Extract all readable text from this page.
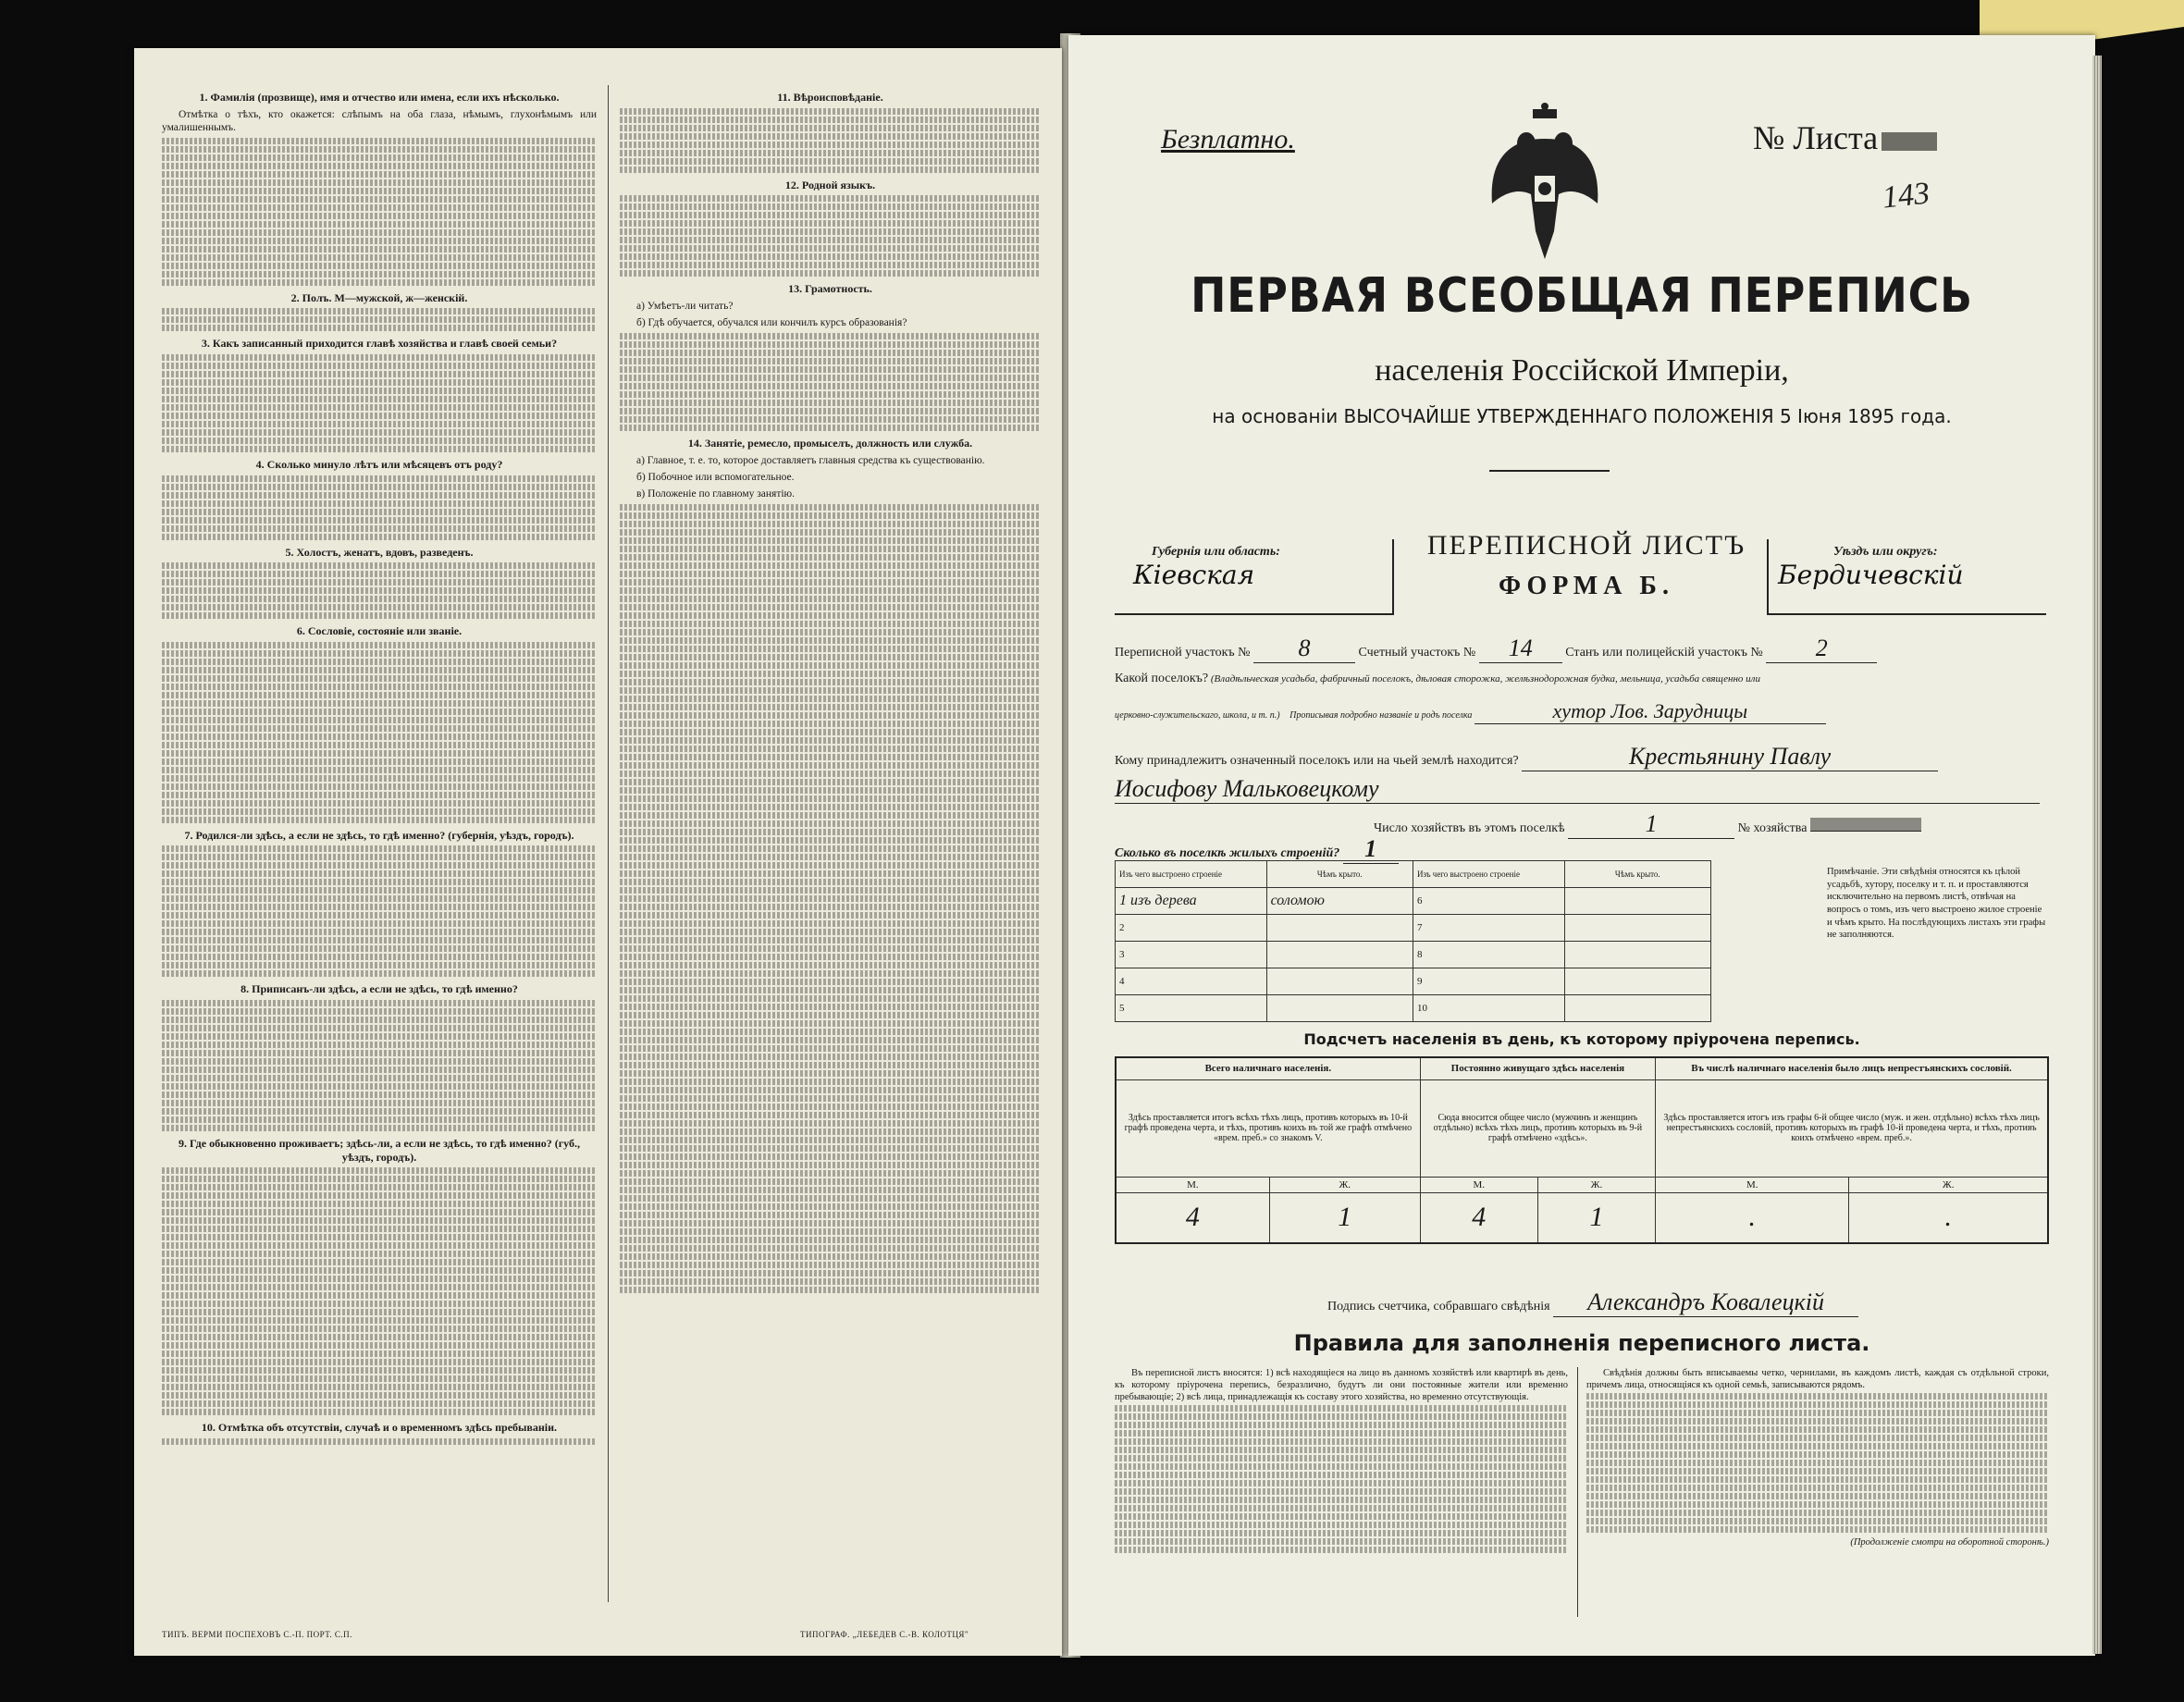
1. Фамилія (прозвище), имя и отчество или имена, если ихъ нѣсколько.
Отмѣтка о тѣхъ, кто окажется: слѣпымъ на оба глаза, нѣмымъ, глухонѣмымъ или умалишеннымъ.
2. Полъ. М—мужской, ж—женскій.
3. Какъ записанный приходится главѣ хозяйства и главѣ своей семьи?
4. Сколько минуло лѣтъ или мѣсяцевъ отъ роду?
5. Холостъ, женатъ, вдовъ, разведенъ.
6. Сословіе, состояніе или званіе.
7. Родился-ли здѣсь, а если не здѣсь, то гдѣ именно? (губернія, уѣздъ, городъ).
8. Приписанъ-ли здѣсь, а если не здѣсь, то гдѣ именно?
9. Где обыкновенно проживаетъ; здѣсь-ли, а если не здѣсь, то гдѣ именно? (губ., уѣздъ, городъ).
10. Отмѣтка объ отсутствіи, случаѣ и о временномъ здѣсь пребываніи.
11. Вѣроисповѣданіе.
12. Родной языкъ.
13. Грамотность.
а) Умѣетъ-ли читать?
б) Гдѣ обучается, обучался или кончилъ курсъ образованія?
14. Занятіе, ремесло, промыселъ, должность или служба.
а) Главное, т. е. то, которое доставляетъ главныя средства къ существованію.
б) Побочное или вспомогательное.
в) Положеніе по главному занятію.
ТИПЪ. ВЕРМИ ПОСПЕХОВЪ С.-П. ПОРТ. С.П.	ТИПОГРАФ. „ЛЕБЕДЕВ С.-В. КОЛОТЦЯ"
Безплатно.	№ Листа
143
ПЕРВАЯ ВСЕОБЩАЯ ПЕРЕПИСЬ
населенія Россійской Имперіи,
на основаніи ВЫСОЧАЙШЕ УТВЕРЖДЕННАГО ПОЛОЖЕНІЯ 5 Іюня 1895 года.
Губернія или область:
Кіевская
ПЕРЕПИСНОЙ ЛИСТЪ
ФОРМА Б.
Уѣздъ или округъ:
Бердичевскій
Переписной участокъ № 8	Счетный участокъ № 14	Станъ или полицейскій участокъ № 2
Какой поселокъ? (Владѣльческая усадьба, фабричный поселокъ, дѣловая сторожка, желѣзнодорожная будка, мельница, усадьба священно или
церковно-служительскаго, школа, и т. п.) Прописывая подробно названіе и родъ поселка	хутор Лов. Зарудницы
Кому принадлежитъ означенный поселокъ или на чьей землѣ находится?	Крестьянину Павлу
Иосифову Мальковецкому
Число хозяйствъ въ этомъ поселкѣ	1	№ хозяйства
Сколько въ поселкѣ жилыхъ строеній? 1
Изъ чего выстроено строеніе	Чѣмъ крыто.	Изъ чего выстроено строеніе	Чѣмъ крыто.
1 изъ дерева	соломою	6	
2		7	
3		8	
4		9	
5		10	
Примѣчаніе. Эти свѣдѣнія относятся къ цѣлой усадьбѣ, хутору, поселку и т. п. и проставляются исключительно на первомъ листѣ, отвѣчая на вопросъ о томъ, изъ чего выстроено жилое строеніе и чѣмъ крыто. На послѣдующихъ листахъ эти графы не заполняются.
Подсчетъ населенія въ день, къ которому пріурочена перепись.
Всего наличнаго населенія.		Постоянно живущаго здѣсь населенія		Въ числѣ наличнаго населенія было лицъ непрестъянскихъ сословій.	
Здѣсь проставляется итогъ всѣхъ тѣхъ лицъ, противъ которыхъ въ 10-й графѣ проведена черта, и тѣхъ, противъ коихъ въ той же графѣ отмѣчено «врем. преб.» со знакомъ V.		Сюда вносится общее число (мужчинъ и женщинъ отдѣльно) всѣхъ тѣхъ лицъ, противъ которыхъ въ 9-й графѣ отмѣчено «здѣсь».		Здѣсь проставляется итогъ изъ графы 6-й общее число (муж. и жен. отдѣльно) всѣхъ тѣхъ лицъ непрестъянскихъ сословій, противъ которыхъ въ графѣ 10-й проведена черта, и тѣхъ, противъ коихъ отмѣчено «врем. преб.».	
М.	Ж.	М.	Ж.	М.	Ж.
4	1	4	1	.	.
Подпись счетчика, собравшаго свѣдѣнія Александръ Ковалецкій
Правила для заполненія переписного листа.

Въ переписной листъ вносятся: 1) всѣ находящіеся на лицо въ данномъ хозяйствѣ или квартирѣ въ день, къ которому пріурочена перепись, безразлично, будутъ ли они постоянные жители или временно пребывающіе; 2) всѣ лица, принадлежащія къ составу этого хозяйства, но временно отсутствующія.

Свѣдѣнія должны быть вписываемы четко, чернилами, въ каждомъ листѣ, каждая съ отдѣльной строки, причемъ лица, относящіяся къ одной семьѣ, записываются рядомъ.

(Продолженіе смотри на оборотной сторонѣ.)
